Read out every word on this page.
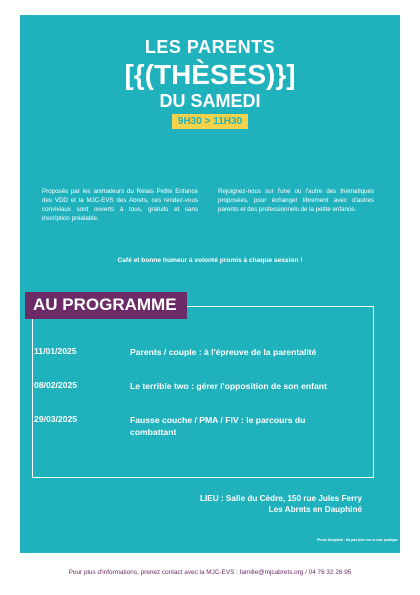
LES PARENTS
[{(THÈSES)}]
DU SAMEDI
9H30 > 11H30
Proposés par les animateurs du Relais Petite Enfance des VDD et la MJC-EVS des Abrets, ces rendez-vous conviviaux sont ouverts à tous, gratuits et sans inscription préalable.
Rejoignez-nous sur l'une ou l'autre des thématiques proposées, pour échanger librement avec d'autres parents et des professionnels de la petite enfance.
Café et bonne humeur à volonté promis à chaque session !
AU PROGRAMME
11/01/2025	Parents / couple : à l'épreuve de la parentalité
08/02/2025	Le terrible two : gérer l'opposition de son enfant
29/03/2025	Fausse couche / PMA / FIV : le parcours du combattant
LIEU : Salle du Cèdre, 150 rue Jules Ferry
Les Abrets en Dauphiné
Photo Unsplash - Ne pas jeter sur la voie publique
Pour plus d'informations, prenez contact avec la MJC-EVS : famille@mjcabrets.org / 04 76 32 26 95
